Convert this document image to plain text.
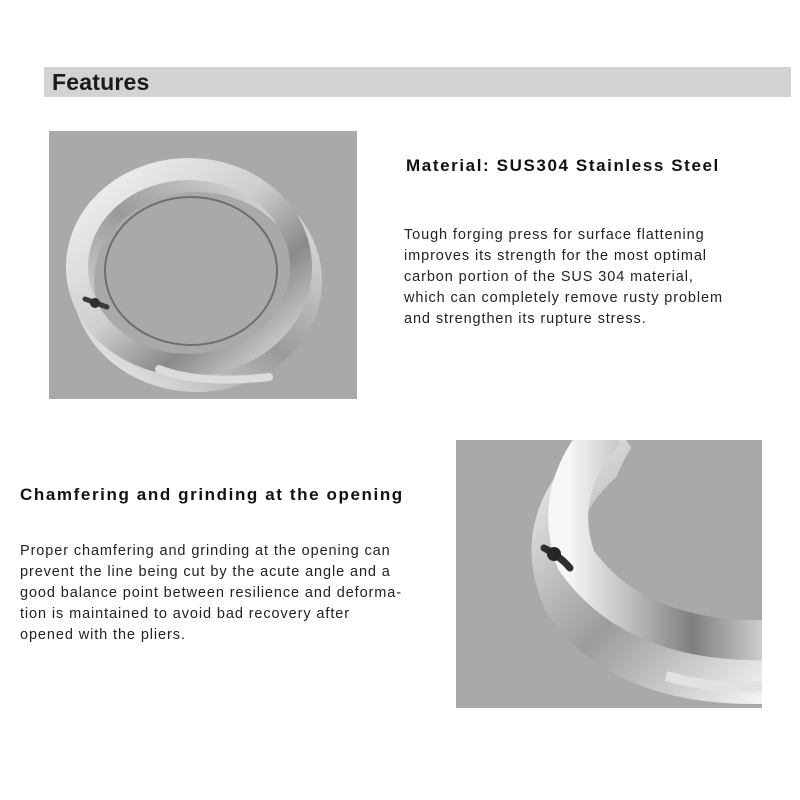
Features
Material: SUS304 Stainless Steel
Tough forging press for surface flattening
improves its strength for the most optimal
carbon portion of the SUS 304 material,
which can completely remove rusty problem
and strengthen its rupture stress.
Chamfering and grinding at the opening
Proper chamfering and grinding at the opening can
prevent the line being cut by the acute angle and a
good balance point between resilience and deforma-
tion is maintained to avoid bad recovery after
opened with the pliers.
